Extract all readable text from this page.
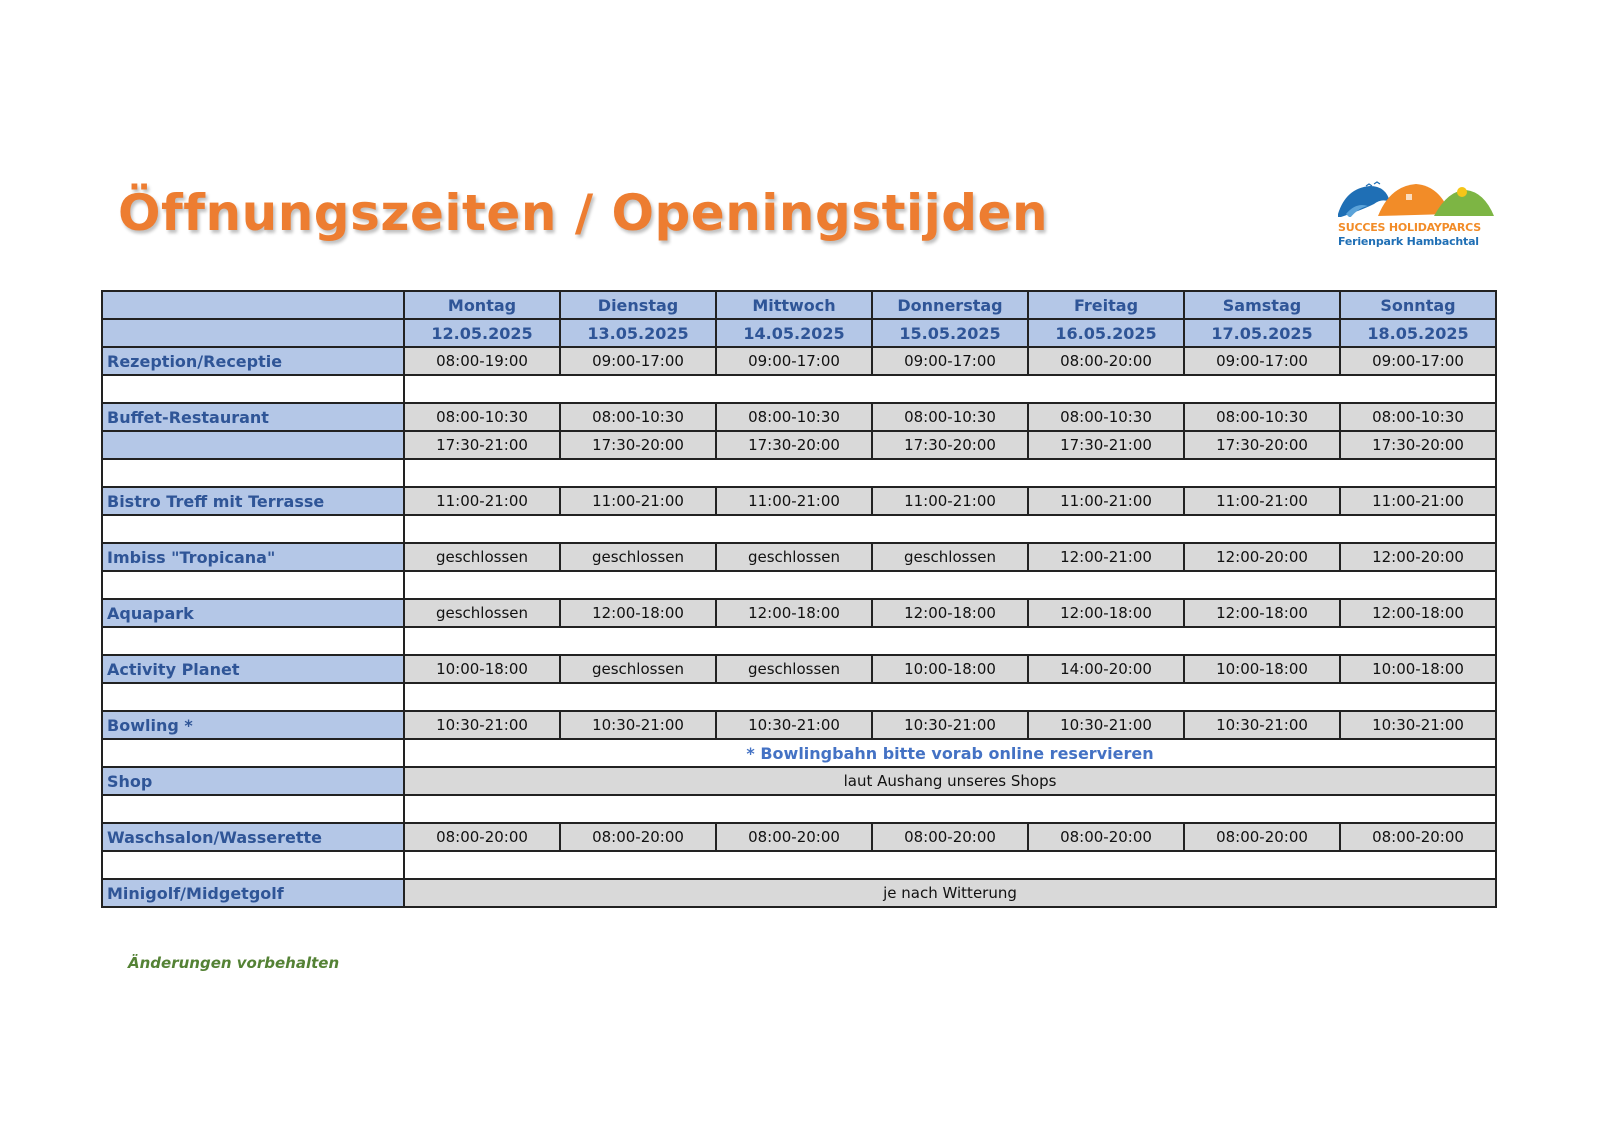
Öffnungszeiten / Openingstijden	SUCCES HOLIDAYPARCS
Ferienpark Hambachtal
	Montag	Dienstag	Mittwoch	Donnerstag	Freitag	Samstag	Sonntag
	12.05.2025	13.05.2025	14.05.2025	15.05.2025	16.05.2025	17.05.2025	18.05.2025
Rezeption/Receptie	08:00-19:00	09:00-17:00	09:00-17:00	09:00-17:00	08:00-20:00	09:00-17:00	09:00-17:00

Buffet-Restaurant	08:00-10:30	08:00-10:30	08:00-10:30	08:00-10:30	08:00-10:30	08:00-10:30	08:00-10:30
	17:30-21:00	17:30-20:00	17:30-20:00	17:30-20:00	17:30-21:00	17:30-20:00	17:30-20:00

Bistro Treff mit Terrasse	11:00-21:00	11:00-21:00	11:00-21:00	11:00-21:00	11:00-21:00	11:00-21:00	11:00-21:00

Imbiss "Tropicana"	geschlossen	geschlossen	geschlossen	geschlossen	12:00-21:00	12:00-20:00	12:00-20:00

Aquapark	geschlossen	12:00-18:00	12:00-18:00	12:00-18:00	12:00-18:00	12:00-18:00	12:00-18:00

Activity Planet	10:00-18:00	geschlossen	geschlossen	10:00-18:00	14:00-20:00	10:00-18:00	10:00-18:00

Bowling *	10:30-21:00	10:30-21:00	10:30-21:00	10:30-21:00	10:30-21:00	10:30-21:00	10:30-21:00
	* Bowlingbahn bitte vorab online reservieren						
Shop	laut Aushang unseres Shops						

Waschsalon/Wasserette	08:00-20:00	08:00-20:00	08:00-20:00	08:00-20:00	08:00-20:00	08:00-20:00	08:00-20:00

Minigolf/Midgetgolf	je nach Witterung						
Änderungen vorbehalten
